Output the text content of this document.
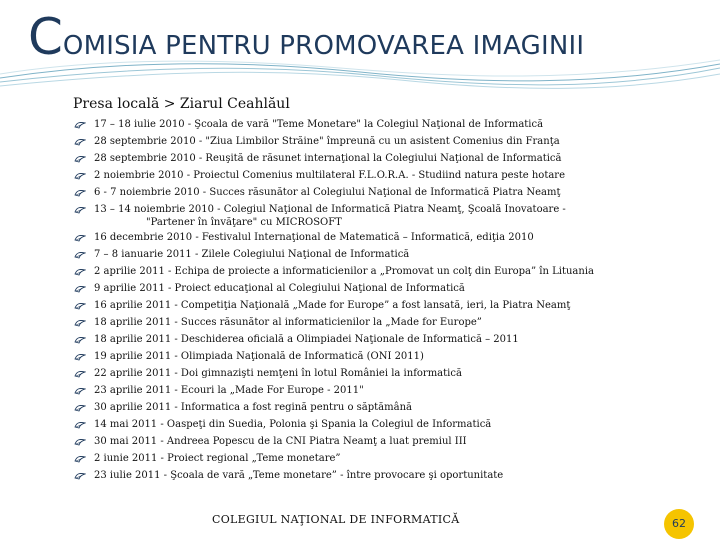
COMISIA PENTRU PROMOVAREA IMAGINII
Presa locală > Ziarul Ceahlăul
17 – 18 iulie 2010 - Şcoala de vară "Teme Monetare" la Colegiul Naţional de Informatică
28 septembrie 2010 - "Ziua Limbilor Străine" împreună cu un asistent Comenius din Franţa
28 septembrie 2010 - Reuşită de răsunet internaţional la Colegiului Naţional de Informatică
2 noiembrie 2010 - Proiectul Comenius multilateral F.L.O.R.A. - Studiind natura peste hotare
6 - 7 noiembrie 2010 - Succes răsunător al Colegiului Naţional de Informatică Piatra Neamţ
13 – 14 noiembrie 2010 - Colegiul Naţional de Informatică Piatra Neamţ, Şcoală Inovatoare -
"Partener în învăţare" cu MICROSOFT
16 decembrie 2010 - Festivalul Internaţional de Matematică – Informatică, ediţia 2010
7 – 8 ianuarie 2011 - Zilele Colegiului Naţional de Informatică
2 aprilie 2011 - Echipa de proiecte a informaticienilor a „Promovat un colţ din Europa” în Lituania
9 aprilie 2011 - Proiect educaţional al Colegiului Naţional de Informatică
16 aprilie 2011 - Competiţia Naţională „Made for Europe” a fost lansată, ieri, la Piatra Neamţ
18 aprilie 2011 - Succes răsunător al informaticienilor la „Made for Europe”
18 aprilie 2011 - Deschiderea oficială a Olimpiadei Naţionale de Informatică – 2011
19 aprilie 2011 - Olimpiada Naţională de Informatică (ONI 2011)
22 aprilie 2011 - Doi gimnazişti nemţeni în lotul României la informatică
23 aprilie 2011 - Ecouri la „Made For Europe - 2011"
30 aprilie 2011 - Informatica a fost regină pentru o săptămână
14 mai 2011 - Oaspeţi din Suedia, Polonia şi Spania la Colegiul de Informatică
30 mai 2011 - Andreea Popescu de la CNI Piatra Neamţ a luat premiul III
2 iunie 2011 - Proiect regional „Teme monetare”
23 iulie 2011 - Şcoala de vară „Teme monetare” - între provocare şi oportunitate
COLEGIUL NAŢIONAL DE INFORMATICĂ	62
